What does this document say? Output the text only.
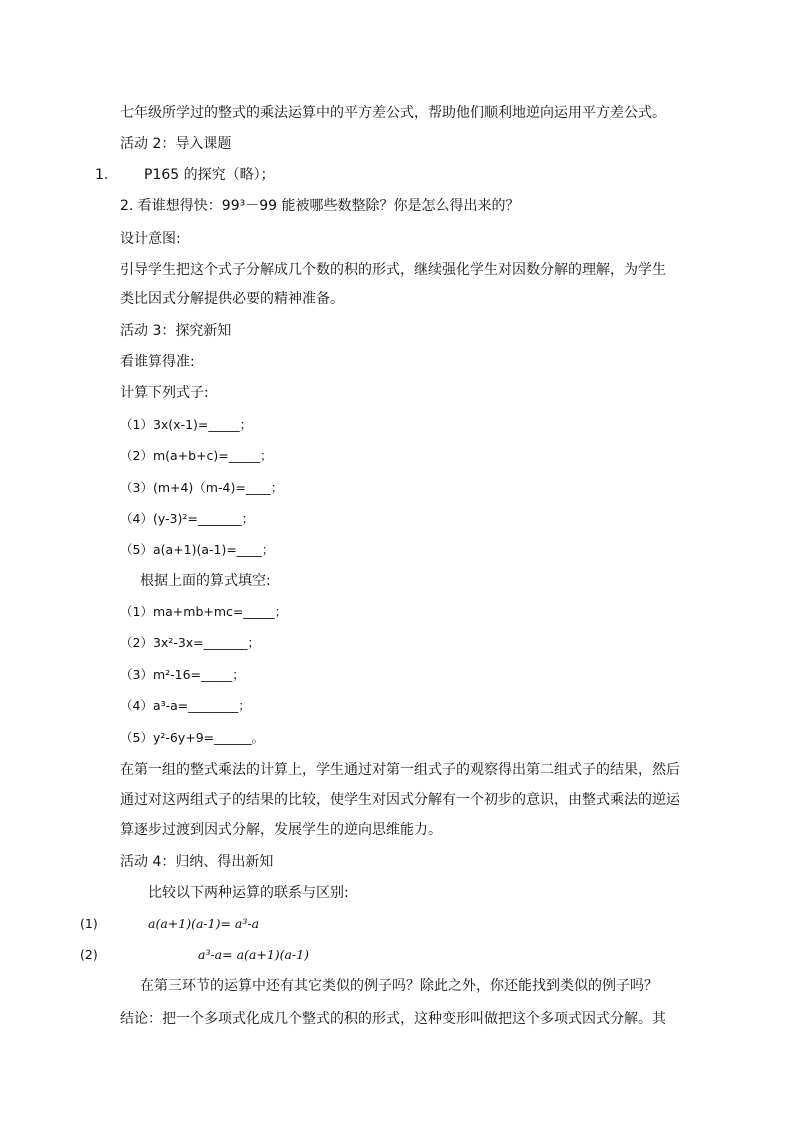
七年级所学过的整式的乘法运算中的平方差公式，帮助他们顺利地逆向运用平方差公式。
活动 2：导入课题
1.	P165 的探究（略）；
2. 看谁想得快：99³－99 能被哪些数整除？你是怎么得出来的？
设计意图:
引导学生把这个式子分解成几个数的积的形式，继续强化学生对因数分解的理解，为学生
类比因式分解提供必要的精神准备。
活动 3：探究新知
看谁算得准:
计算下列式子:
（1）3x(x-1)=_____；
（2）m(a+b+c)=_____；
（3）(m+4)（m-4)=____；
（4）(y-3)²=_______；
（5）a(a+1)(a-1)=____；
根据上面的算式填空:
（1）ma+mb+mc=_____；
（2）3x²-3x=_______；
（3）m²-16=_____；
（4）a³-a=________；
（5）y²-6y+9=______。
在第一组的整式乘法的计算上，学生通过对第一组式子的观察得出第二组式子的结果，然后
通过对这两组式子的结果的比较，使学生对因式分解有一个初步的意识，由整式乘法的逆运
算逐步过渡到因式分解，发展学生的逆向思维能力。
活动 4：归纳、得出新知
比较以下两种运算的联系与区别:
(1)	a(a+1)(a-1)= a³-a
(2)	a³-a= a(a+1)(a-1)
在第三环节的运算中还有其它类似的例子吗？除此之外，你还能找到类似的例子吗？
结论：把一个多项式化成几个整式的积的形式，这种变形叫做把这个多项式因式分解。其
